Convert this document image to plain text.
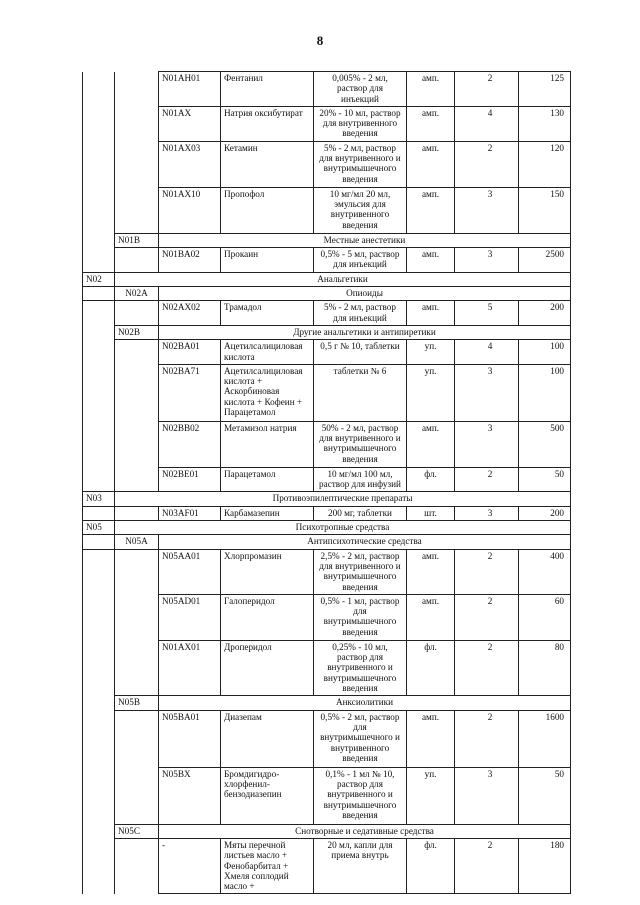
8
		N01AH01	Фентанил	0,005% - 2 мл, раствор для инъекций	амп.	2	125
		N01AX	Натрия оксибутират	20% - 10 мл, раствор для внутривенного введения	амп.	4	130
		N01AX03	Кетамин	5% - 2 мл, раствор для внутривенного и внутримышечного введения	амп.	2	120
		N01AX10	Пропофол	10 мг/мл 20 мл, эмульсия для внутривенного введения	амп.	3	150
	N01B	Местные анестетики					
		N01BA02	Прокаин	0,5% - 5 мл, раствор для инъекций	амп.	3	2500
N02	Анальгетики						
	N02A	Опиоиды					
		N02AX02	Трамадол	5% - 2 мл, раствор для инъекций	амп.	5	200
	N02B	Другие анальгетики и антипиретики					
		N02BA01	Ацетилсалициловая кислота	0,5 г № 10, таблетки	уп.	4	100
		N02BA71	Ацетилсалициловая кислота + Аскорбиновая кислота + Кофеин + Парацетамол	таблетки № 6	уп.	3	100
		N02BB02	Метамизол натрия	50% - 2 мл, раствор для внутривенного и внутримышечного введения	амп.	3	500
		N02BE01	Парацетамол	10 мг/мл 100 мл, раствор для инфузий	фл.	2	50
N03	Противоэпилептические препараты						
		N03AF01	Карбамазепин	200 мг, таблетки	шт.	3	200
N05	Психотропные средства						
	N05A	Антипсихотические средства					
		N05AA01	Хлорпромазин	2,5% - 2 мл, раствор для внутривенного и внутримышечного введения	амп.	2	400
		N05AD01	Галоперидол	0,5% - 1 мл, раствор для внутримышечного введения	амп.	2	60
		N01AX01	Дроперидол	0,25% - 10 мл, раствор для внутривенного и внутримышечного введения	фл.	2	80
	N05B	Анксиолитики					
		N05BA01	Диазепам	0,5% - 2 мл, раствор для внутримышечного и внутривенного введения	амп.	2	1600
		N05BX	Бромдигидро-хлорфенил-бензодиазепин	0,1% - 1 мл № 10, раствор для внутривенного и внутримышечного введения	уп.	3	50
	N05C	Снотворные и седативные средства					
		-	Мяты перечной листьев масло + Фенобарбитал + Хмеля соплодий масло +	20 мл, капли для приема внутрь	фл.	2	180
